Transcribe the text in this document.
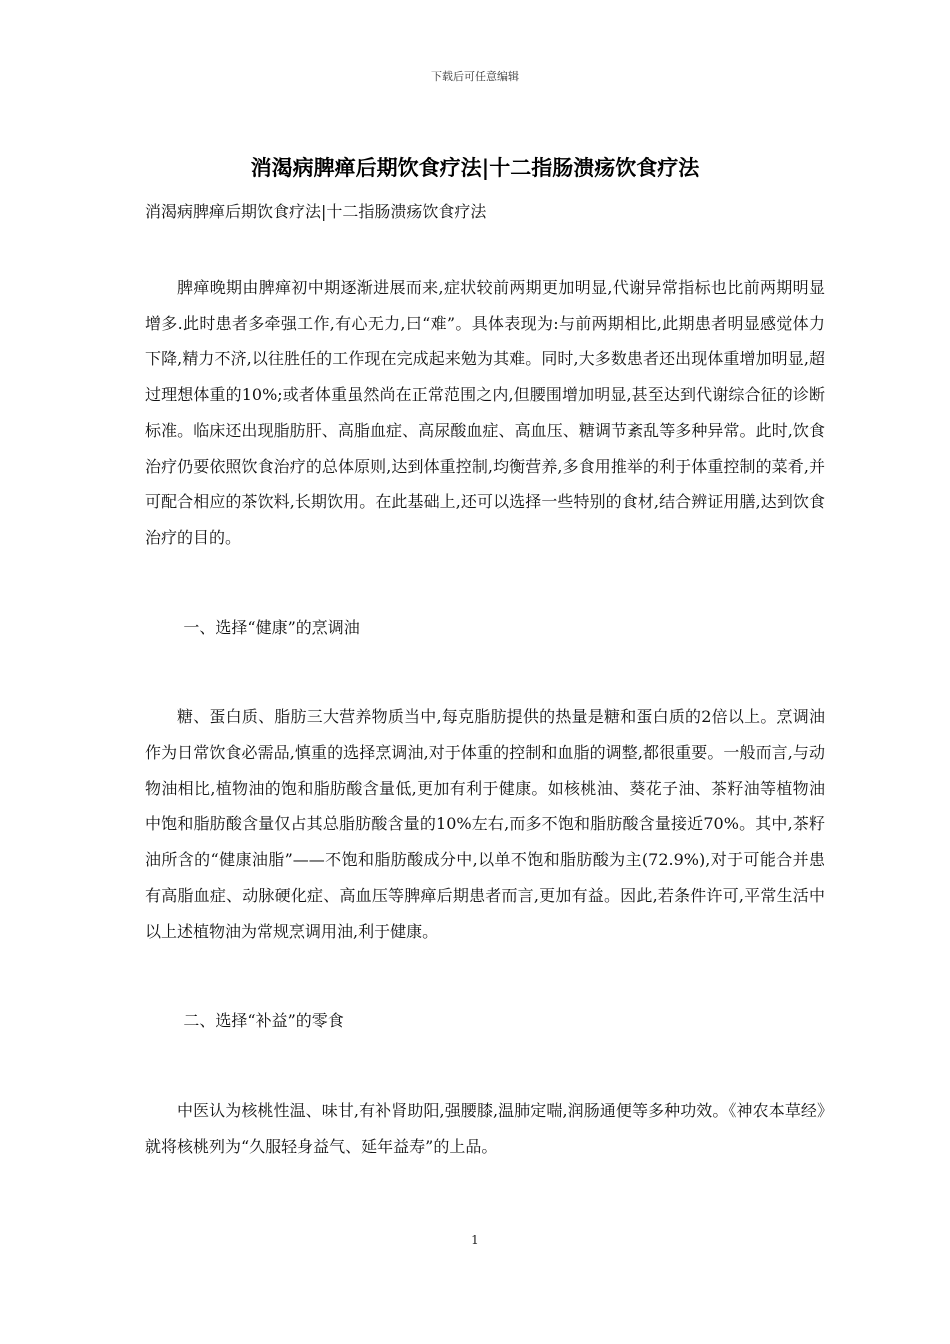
下载后可任意编辑
消渴病脾瘅后期饮食疗法|十二指肠溃疡饮食疗法

消渴病脾瘅后期饮食疗法|十二指肠溃疡饮食疗法

脾瘅晚期由脾瘅初中期逐渐进展而来,症状较前两期更加明显,代谢异常指标也比前两期明显增多.此时患者多牵强工作,有心无力,曰“难”。具体表现为:与前两期相比,此期患者明显感觉体力下降,精力不济,以往胜任的工作现在完成起来勉为其难。同时,大多数患者还出现体重增加明显,超过理想体重的10%;或者体重虽然尚在正常范围之内,但腰围增加明显,甚至达到代谢综合征的诊断标准。临床还出现脂肪肝、高脂血症、高尿酸血症、高血压、糖调节紊乱等多种异常。此时,饮食治疗仍要依照饮食治疗的总体原则,达到体重控制,均衡营养,多食用推举的利于体重控制的菜肴,并可配合相应的茶饮料,长期饮用。在此基础上,还可以选择一些特别的食材,结合辨证用膳,达到饮食治疗的目的。

一、选择“健康”的烹调油

糖、蛋白质、脂肪三大营养物质当中,每克脂肪提供的热量是糖和蛋白质的2倍以上。烹调油作为日常饮食必需品,慎重的选择烹调油,对于体重的控制和血脂的调整,都很重要。一般而言,与动物油相比,植物油的饱和脂肪酸含量低,更加有利于健康。如核桃油、葵花子油、茶籽油等植物油中饱和脂肪酸含量仅占其总脂肪酸含量的10%左右,而多不饱和脂肪酸含量接近70%。其中,茶籽油所含的“健康油脂”——不饱和脂肪酸成分中,以单不饱和脂肪酸为主(72.9%),对于可能合并患有高脂血症、动脉硬化症、高血压等脾瘅后期患者而言,更加有益。因此,若条件许可,平常生活中以上述植物油为常规烹调用油,利于健康。

二、选择“补益”的零食

中医认为核桃性温、味甘,有补肾助阳,强腰膝,温肺定喘,润肠通便等多种功效。《神农本草经》就将核桃列为“久服轻身益气、延年益寿”的上品。

1
